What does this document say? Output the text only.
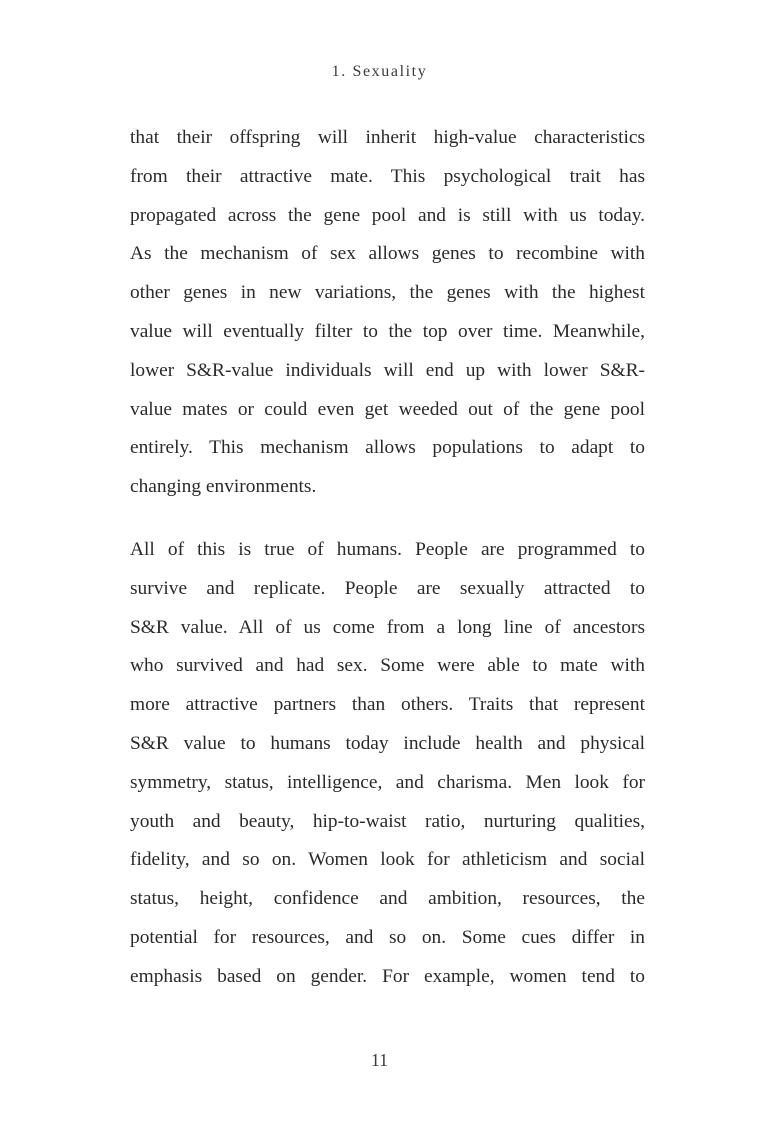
1. Sexuality
that their offspring will inherit high-value characteristics
from their attractive mate. This psychological trait has
propagated across the gene pool and is still with us today.
As the mechanism of sex allows genes to recombine with
other genes in new variations, the genes with the highest
value will eventually filter to the top over time. Meanwhile,
lower S&R-value individuals will end up with lower S&R-
value mates or could even get weeded out of the gene pool
entirely. This mechanism allows populations to adapt to
changing environments.
All of this is true of humans. People are programmed to
survive and replicate. People are sexually attracted to
S&R value. All of us come from a long line of ancestors
who survived and had sex. Some were able to mate with
more attractive partners than others. Traits that represent
S&R value to humans today include health and physical
symmetry, status, intelligence, and charisma. Men look for
youth and beauty, hip-to-waist ratio, nurturing qualities,
fidelity, and so on. Women look for athleticism and social
status, height, confidence and ambition, resources, the
potential for resources, and so on. Some cues differ in
emphasis based on gender. For example, women tend to
11
